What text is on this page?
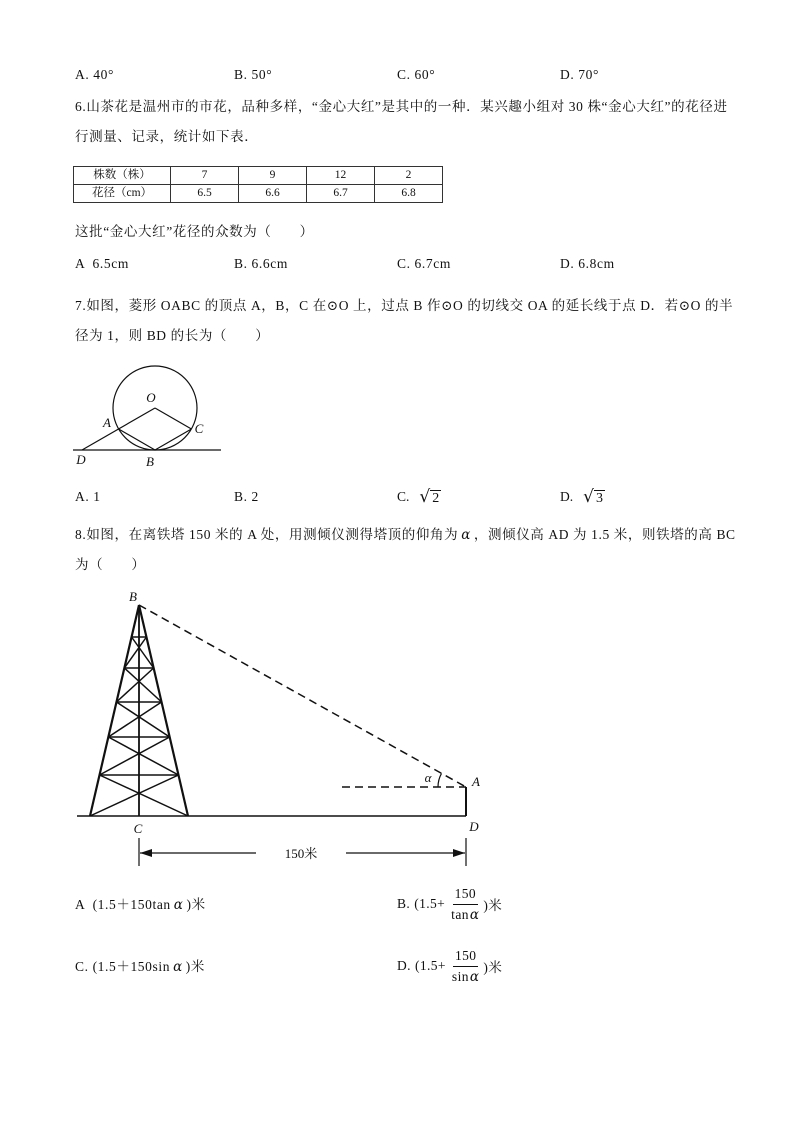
A. 40°	B. 50°	C. 60°	D. 70°
6.山茶花是温州市的市花，品种多样，“金心大红”是其中的一种．某兴趣小组对 30 株“金心大红”的花径进
行测量、记录，统计如下表．
株数（株）	7	9	12	2
花径（cm）	6.5	6.6	6.7	6.8
这批“金心大红”花径的众数为（　　）
A  6.5cm	B. 6.6cm	C. 6.7cm	D. 6.8cm
7.如图，菱形 OABC 的顶点 A，B，C 在⊙O 上，过点 B 作⊙O 的切线交 OA 的延长线于点 D．若⊙O 的半
径为 1，则 BD 的长为（　　）
O
A	C
B
D
A. 1	B. 2	C. √ 2	D. √ 3
8.如图，在离铁塔 150 米的 A 处，用测倾仪测得塔顶的仰角为 α ，测倾仪高 AD 为 1.5 米，则铁塔的高 BC
为（　　）
α
B
C
A
D
150米
A (1.5＋150tan α )米	B. ($1.5+ \frac{150}{\tan\alpha}$ )米
C. (1.5＋150sin α )米	D. ($1.5+ \frac{150}{\sin\alpha}$ )米
